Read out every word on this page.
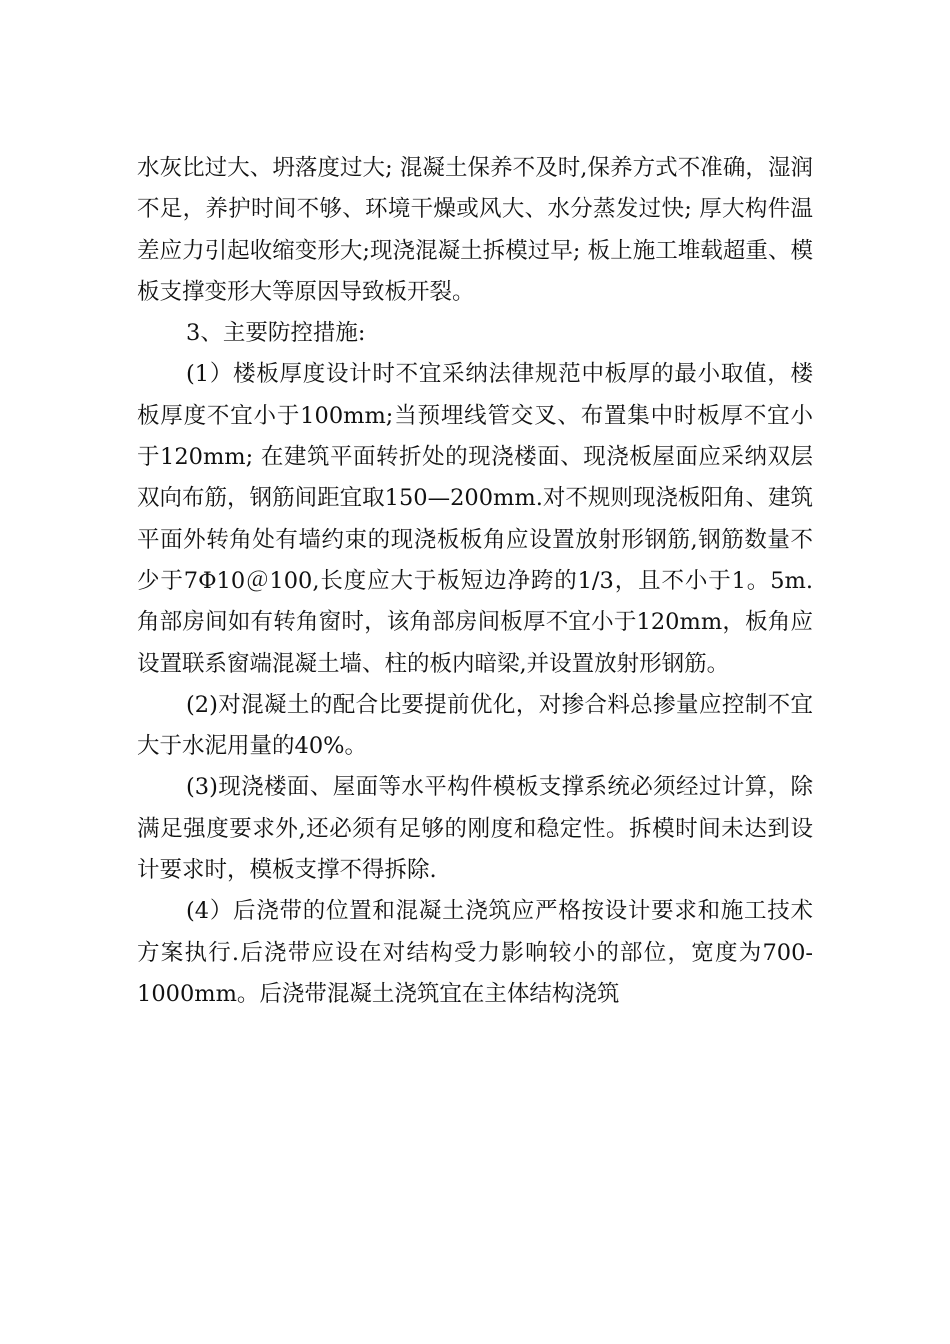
水灰比过大、坍落度过大; 混凝土保养不及时,保养方式不准确，湿润不足，养护时间不够、环境干燥或风大、水分蒸发过快; 厚大构件温差应力引起收缩变形大;现浇混凝土拆模过早; 板上施工堆载超重、模板支撑变形大等原因导致板开裂。

3、主要防控措施:

(1）楼板厚度设计时不宜采纳法律规范中板厚的最小取值，楼板厚度不宜小于100mm;当预埋线管交叉、布置集中时板厚不宜小于120mm; 在建筑平面转折处的现浇楼面、现浇板屋面应采纳双层双向布筋，钢筋间距宜取150—200mm.对不规则现浇板阳角、建筑平面外转角处有墙约束的现浇板板角应设置放射形钢筋,钢筋数量不少于7Φ10＠100,长度应大于板短边净跨的1/3，且不小于1。5m.角部房间如有转角窗时，该角部房间板厚不宜小于120mm，板角应设置联系窗端混凝土墙、柱的板内暗梁,并设置放射形钢筋。

(2)对混凝土的配合比要提前优化，对掺合料总掺量应控制不宜大于水泥用量的40%。

(3)现浇楼面、屋面等水平构件模板支撑系统必须经过计算，除满足强度要求外,还必须有足够的刚度和稳定性。拆模时间未达到设计要求时，模板支撑不得拆除.

(4）后浇带的位置和混凝土浇筑应严格按设计要求和施工技术方案执行.后浇带应设在对结构受力影响较小的部位，宽度为700-1000mm。后浇带混凝土浇筑宜在主体结构浇筑
